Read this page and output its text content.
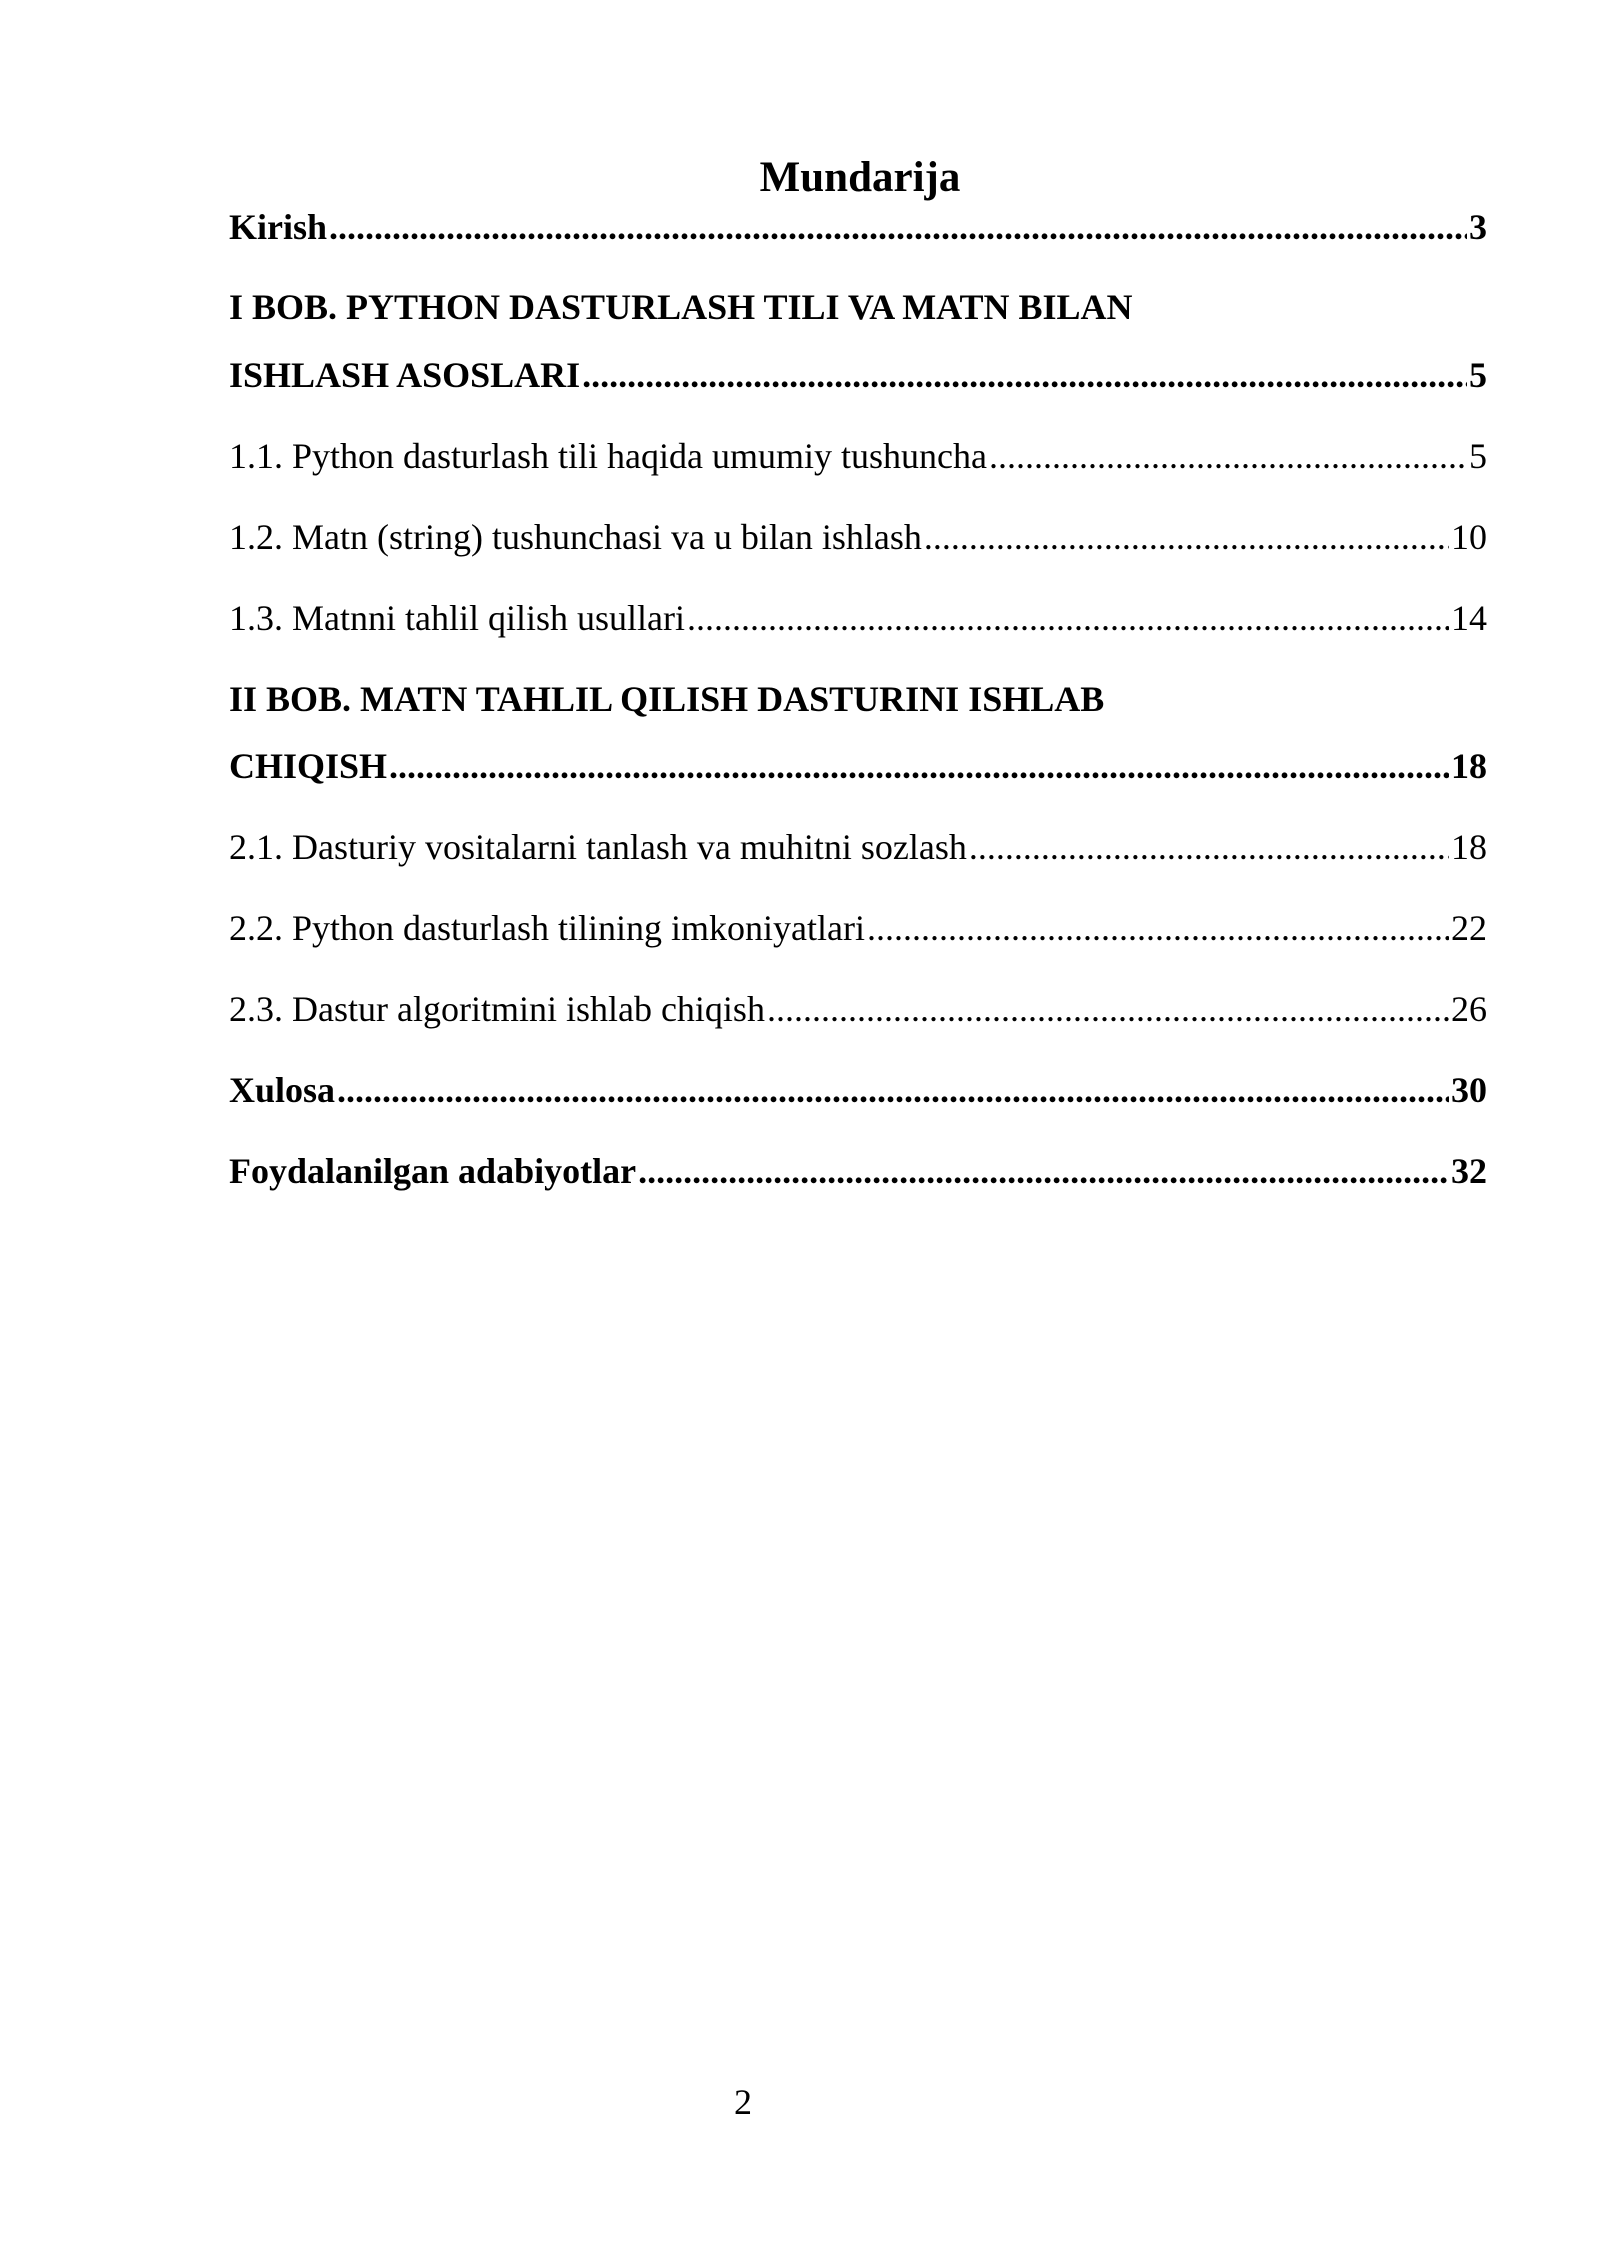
Mundarija
Kirish .....	3
I BOB. PYTHON DASTURLASH TILI VA MATN BILAN
ISHLASH ASOSLARI .....	5
1.1. Python dasturlash tili haqida umumiy tushuncha .....	5
1.2. Matn (string) tushunchasi va u bilan ishlash .....	10
1.3. Matnni tahlil qilish usullari .....	14
II BOB. MATN TAHLIL QILISH DASTURINI ISHLAB
CHIQISH .....	18
2.1. Dasturiy vositalarni tanlash va muhitni sozlash .....	18
2.2. Python dasturlash tilining imkoniyatlari .....	22
2.3. Dastur algoritmini ishlab chiqish .....	26
Xulosa .....	30
Foydalanilgan adabiyotlar .....	32
2
